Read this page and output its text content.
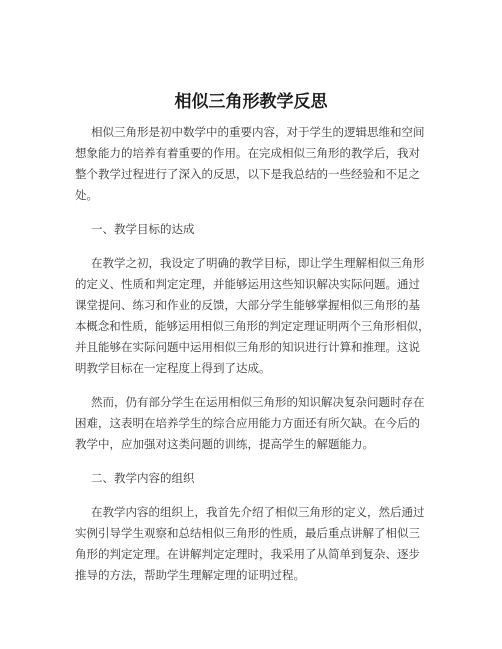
相似三角形教学反思
相似三角形是初中数学中的重要内容，对于学生的逻辑思维和空间
想象能力的培养有着重要的作用。在完成相似三角形的教学后，我对
整个教学过程进行了深入的反思，以下是我总结的一些经验和不足之
处。
一、教学目标的达成
在教学之初，我设定了明确的教学目标，即让学生理解相似三角形
的定义、性质和判定定理，并能够运用这些知识解决实际问题。通过
课堂提问、练习和作业的反馈，大部分学生能够掌握相似三角形的基
本概念和性质，能够运用相似三角形的判定定理证明两个三角形相似，
并且能够在实际问题中运用相似三角形的知识进行计算和推理。这说
明教学目标在一定程度上得到了达成。
然而，仍有部分学生在运用相似三角形的知识解决复杂问题时存在
困难，这表明在培养学生的综合应用能力方面还有所欠缺。在今后的
教学中，应加强对这类问题的训练，提高学生的解题能力。
二、教学内容的组织
在教学内容的组织上，我首先介绍了相似三角形的定义，然后通过
实例引导学生观察和总结相似三角形的性质，最后重点讲解了相似三
角形的判定定理。在讲解判定定理时，我采用了从简单到复杂、逐步
推导的方法，帮助学生理解定理的证明过程。
